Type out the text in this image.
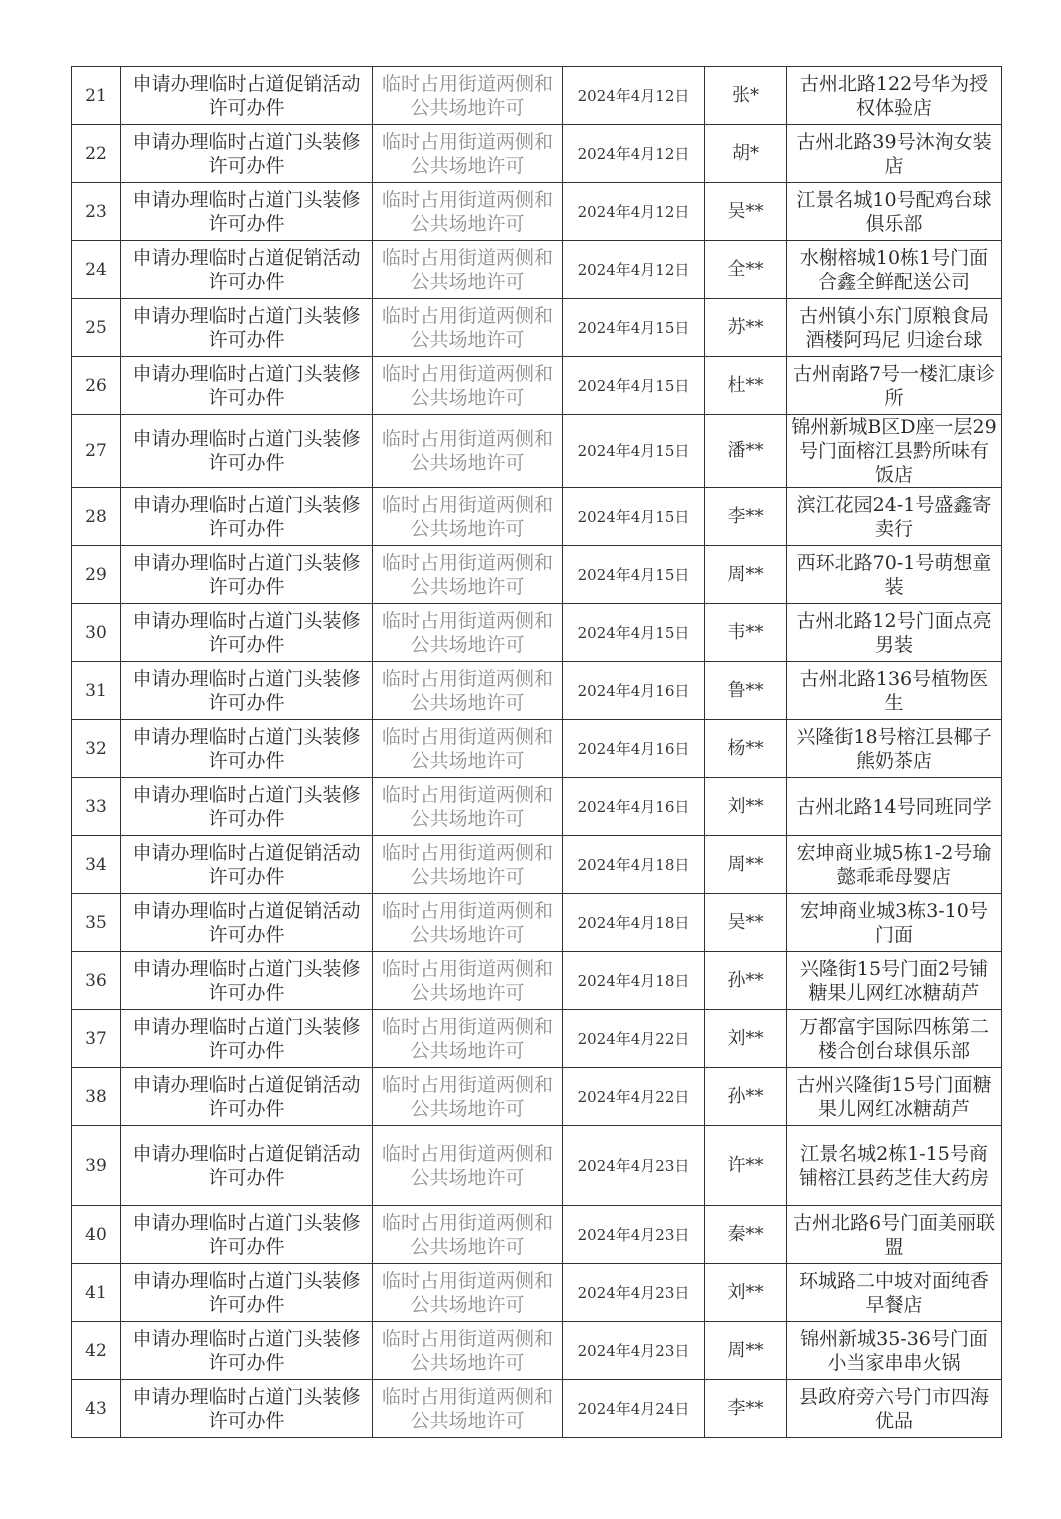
21	申请办理临时占道促销活动许可办件	临时占用街道两侧和公共场地许可	2024年4月12日	张*	古州北路122号华为授权体验店
22	申请办理临时占道门头装修许可办件	临时占用街道两侧和公共场地许可	2024年4月12日	胡*	古州北路39号沐洵女装店
23	申请办理临时占道门头装修许可办件	临时占用街道两侧和公共场地许可	2024年4月12日	吴**	江景名城10号配鸡台球俱乐部
24	申请办理临时占道促销活动许可办件	临时占用街道两侧和公共场地许可	2024年4月12日	全**	水榭榕城10栋1号门面合鑫全鲜配送公司
25	申请办理临时占道门头装修许可办件	临时占用街道两侧和公共场地许可	2024年4月15日	苏**	古州镇小东门原粮食局酒楼阿玛尼 归途台球
26	申请办理临时占道门头装修许可办件	临时占用街道两侧和公共场地许可	2024年4月15日	杜**	古州南路7号一楼汇康诊所
27	申请办理临时占道门头装修许可办件	临时占用街道两侧和公共场地许可	2024年4月15日	潘**	锦州新城B区D座一层29号门面榕江县黔所味有饭店
28	申请办理临时占道门头装修许可办件	临时占用街道两侧和公共场地许可	2024年4月15日	李**	滨江花园24-1号盛鑫寄卖行
29	申请办理临时占道门头装修许可办件	临时占用街道两侧和公共场地许可	2024年4月15日	周**	西环北路70-1号萌想童装
30	申请办理临时占道门头装修许可办件	临时占用街道两侧和公共场地许可	2024年4月15日	韦**	古州北路12号门面点亮男装
31	申请办理临时占道门头装修许可办件	临时占用街道两侧和公共场地许可	2024年4月16日	鲁**	古州北路136号植物医生
32	申请办理临时占道门头装修许可办件	临时占用街道两侧和公共场地许可	2024年4月16日	杨**	兴隆街18号榕江县椰子熊奶茶店
33	申请办理临时占道门头装修许可办件	临时占用街道两侧和公共场地许可	2024年4月16日	刘**	古州北路14号同班同学
34	申请办理临时占道促销活动许可办件	临时占用街道两侧和公共场地许可	2024年4月18日	周**	宏坤商业城5栋1-2号瑜懿乖乖母婴店
35	申请办理临时占道促销活动许可办件	临时占用街道两侧和公共场地许可	2024年4月18日	吴**	宏坤商业城3栋3-10号门面
36	申请办理临时占道门头装修许可办件	临时占用街道两侧和公共场地许可	2024年4月18日	孙**	兴隆街15号门面2号铺糖果儿网红冰糖葫芦
37	申请办理临时占道门头装修许可办件	临时占用街道两侧和公共场地许可	2024年4月22日	刘**	万都富宇国际四栋第二楼合创台球俱乐部
38	申请办理临时占道促销活动许可办件	临时占用街道两侧和公共场地许可	2024年4月22日	孙**	古州兴隆街15号门面糖果儿网红冰糖葫芦
39	申请办理临时占道促销活动许可办件	临时占用街道两侧和公共场地许可	2024年4月23日	许**	江景名城2栋1-15号商铺榕江县药芝佳大药房
40	申请办理临时占道门头装修许可办件	临时占用街道两侧和公共场地许可	2024年4月23日	秦**	古州北路6号门面美丽联盟
41	申请办理临时占道门头装修许可办件	临时占用街道两侧和公共场地许可	2024年4月23日	刘**	环城路二中坡对面纯香早餐店
42	申请办理临时占道门头装修许可办件	临时占用街道两侧和公共场地许可	2024年4月23日	周**	锦州新城35-36号门面小当家串串火锅
43	申请办理临时占道门头装修许可办件	临时占用街道两侧和公共场地许可	2024年4月24日	李**	县政府旁六号门市四海优品
